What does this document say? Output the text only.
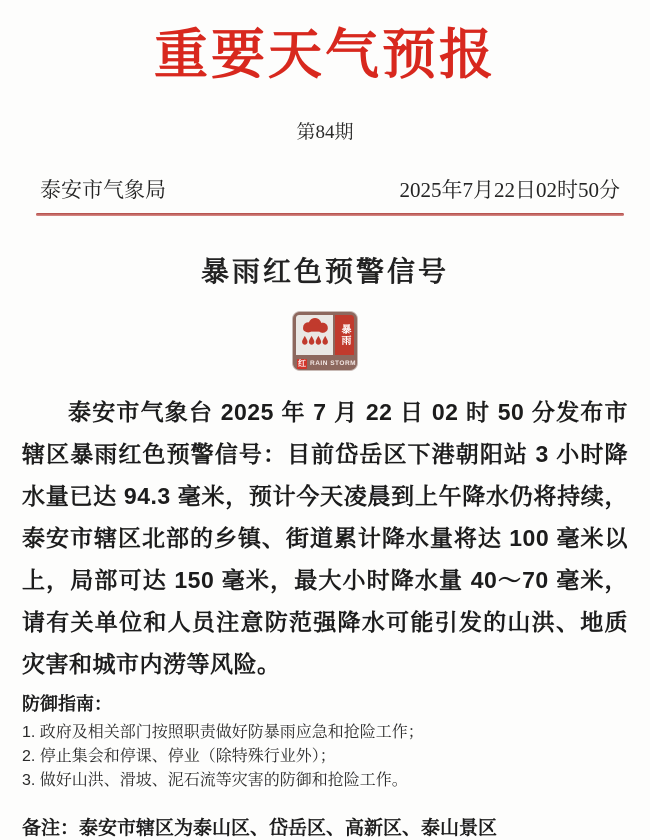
重要天气预报
第84期
泰安市气象局	2025年7月22日02时50分
暴雨红色预警信号
暴雨
红 RAIN STORM

泰安市气象台 2025 年 7 月 22 日 02 时 50 分发布市辖区暴雨红色预警信号：目前岱岳区下港朝阳站 3 小时降水量已达 94.3 毫米，预计今天凌晨到上午降水仍将持续，泰安市辖区北部的乡镇、街道累计降水量将达 100 毫米以上，局部可达 150 毫米，最大小时降水量 40～70 毫米，请有关单位和人员注意防范强降水可能引发的山洪、地质灾害和城市内涝等风险。

防御指南：
1. 政府及相关部门按照职责做好防暴雨应急和抢险工作；
2. 停止集会和停课、停业（除特殊行业外）；
3. 做好山洪、滑坡、泥石流等灾害的防御和抢险工作。
备注：泰安市辖区为泰山区、岱岳区、高新区、泰山景区
